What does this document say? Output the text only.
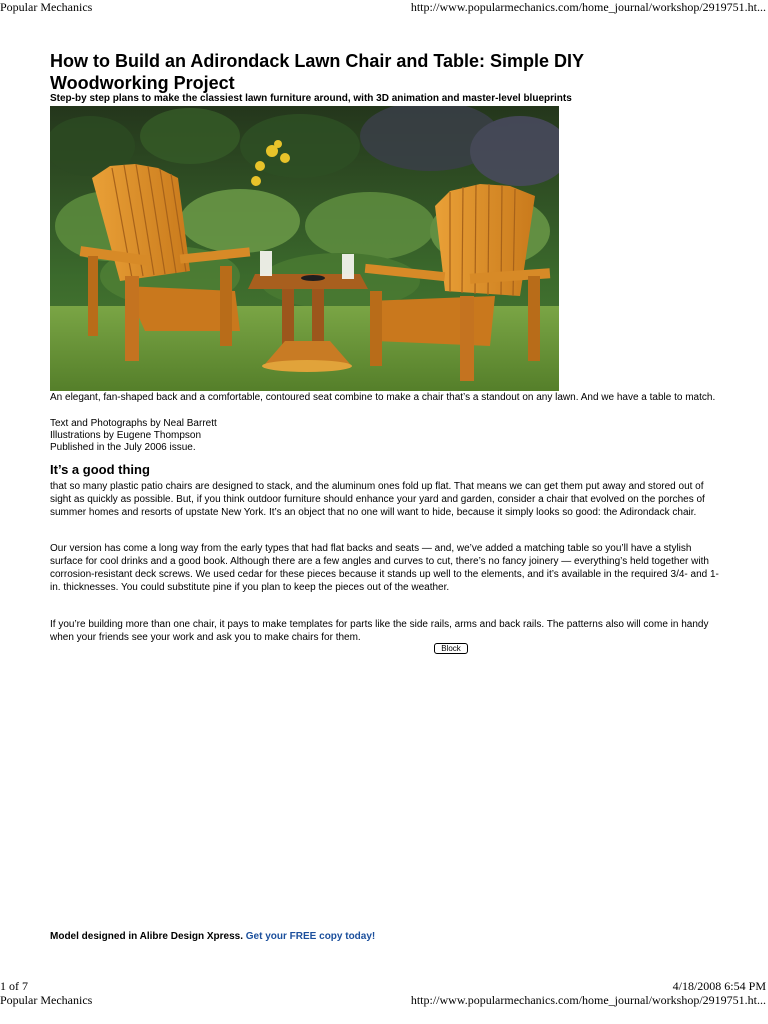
Popular Mechanics	http://www.popularmechanics.com/home_journal/workshop/2919751.ht...
How to Build an Adirondack Lawn Chair and Table: Simple DIY Woodworking Project
Step-by step plans to make the classiest lawn furniture around, with 3D animation and master-level blueprints
An elegant, fan-shaped back and a comfortable, contoured seat combine to make a chair that’s a standout on any lawn. And we have a table to match.
Text and Photographs by Neal Barrett
Illustrations by Eugene Thompson
Published in the July 2006 issue.
It’s a good thing

that so many plastic patio chairs are designed to stack, and the aluminum ones fold up flat. That means we can get them put away and stored out of sight as quickly as possible. But, if you think outdoor furniture should enhance your yard and garden, consider a chair that evolved on the porches of summer homes and resorts of upstate New York. It’s an object that no one will want to hide, because it simply looks so good: the Adirondack chair.

Our version has come a long way from the early types that had flat backs and seats — and, we’ve added a matching table so you’ll have a stylish surface for cool drinks and a good book. Although there are a few angles and curves to cut, there’s no fancy joinery — everything’s held together with corrosion-resistant deck screws. We used cedar for these pieces because it stands up well to the elements, and it’s available in the required 3/4- and 1-in. thicknesses. You could substitute pine if you plan to keep the pieces out of the weather.

If you’re building more than one chair, it pays to make templates for parts like the side rails, arms and back rails. The patterns also will come in handy when your friends see your work and ask you to make chairs for them.

Block
Model designed in Alibre Design Xpress. Get your FREE copy today!
1 of 7	4/18/2008 6:54 PM
Popular Mechanics	http://www.popularmechanics.com/home_journal/workshop/2919751.ht...
